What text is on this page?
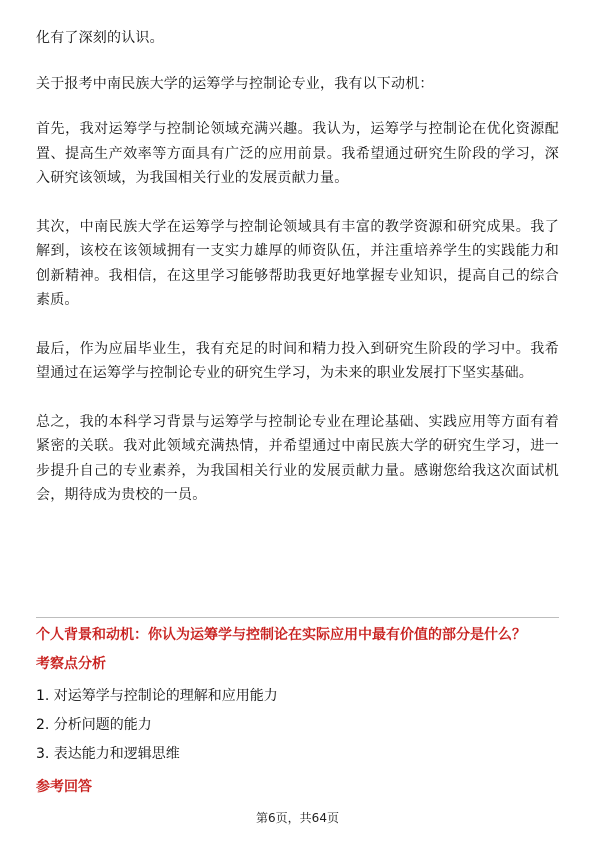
化有了深刻的认识。

关于报考中南民族大学的运筹学与控制论专业，我有以下动机：

首先，我对运筹学与控制论领域充满兴趣。我认为，运筹学与控制论在优化资源配置、提高生产效率等方面具有广泛的应用前景。我希望通过研究生阶段的学习，深入研究该领域，为我国相关行业的发展贡献力量。

其次，中南民族大学在运筹学与控制论领域具有丰富的教学资源和研究成果。我了解到，该校在该领域拥有一支实力雄厚的师资队伍，并注重培养学生的实践能力和创新精神。我相信，在这里学习能够帮助我更好地掌握专业知识，提高自己的综合素质。

最后，作为应届毕业生，我有充足的时间和精力投入到研究生阶段的学习中。我希望通过在运筹学与控制论专业的研究生学习，为未来的职业发展打下坚实基础。

总之，我的本科学习背景与运筹学与控制论专业在理论基础、实践应用等方面有着紧密的关联。我对此领域充满热情，并希望通过中南民族大学的研究生学习，进一步提升自己的专业素养，为我国相关行业的发展贡献力量。感谢您给我这次面试机会，期待成为贵校的一员。

个人背景和动机：你认为运筹学与控制论在实际应用中最有价值的部分是什么？

考察点分析

1. 对运筹学与控制论的理解和应用能力
2. 分析问题的能力
3. 表达能力和逻辑思维

参考回答

第6页，共64页
